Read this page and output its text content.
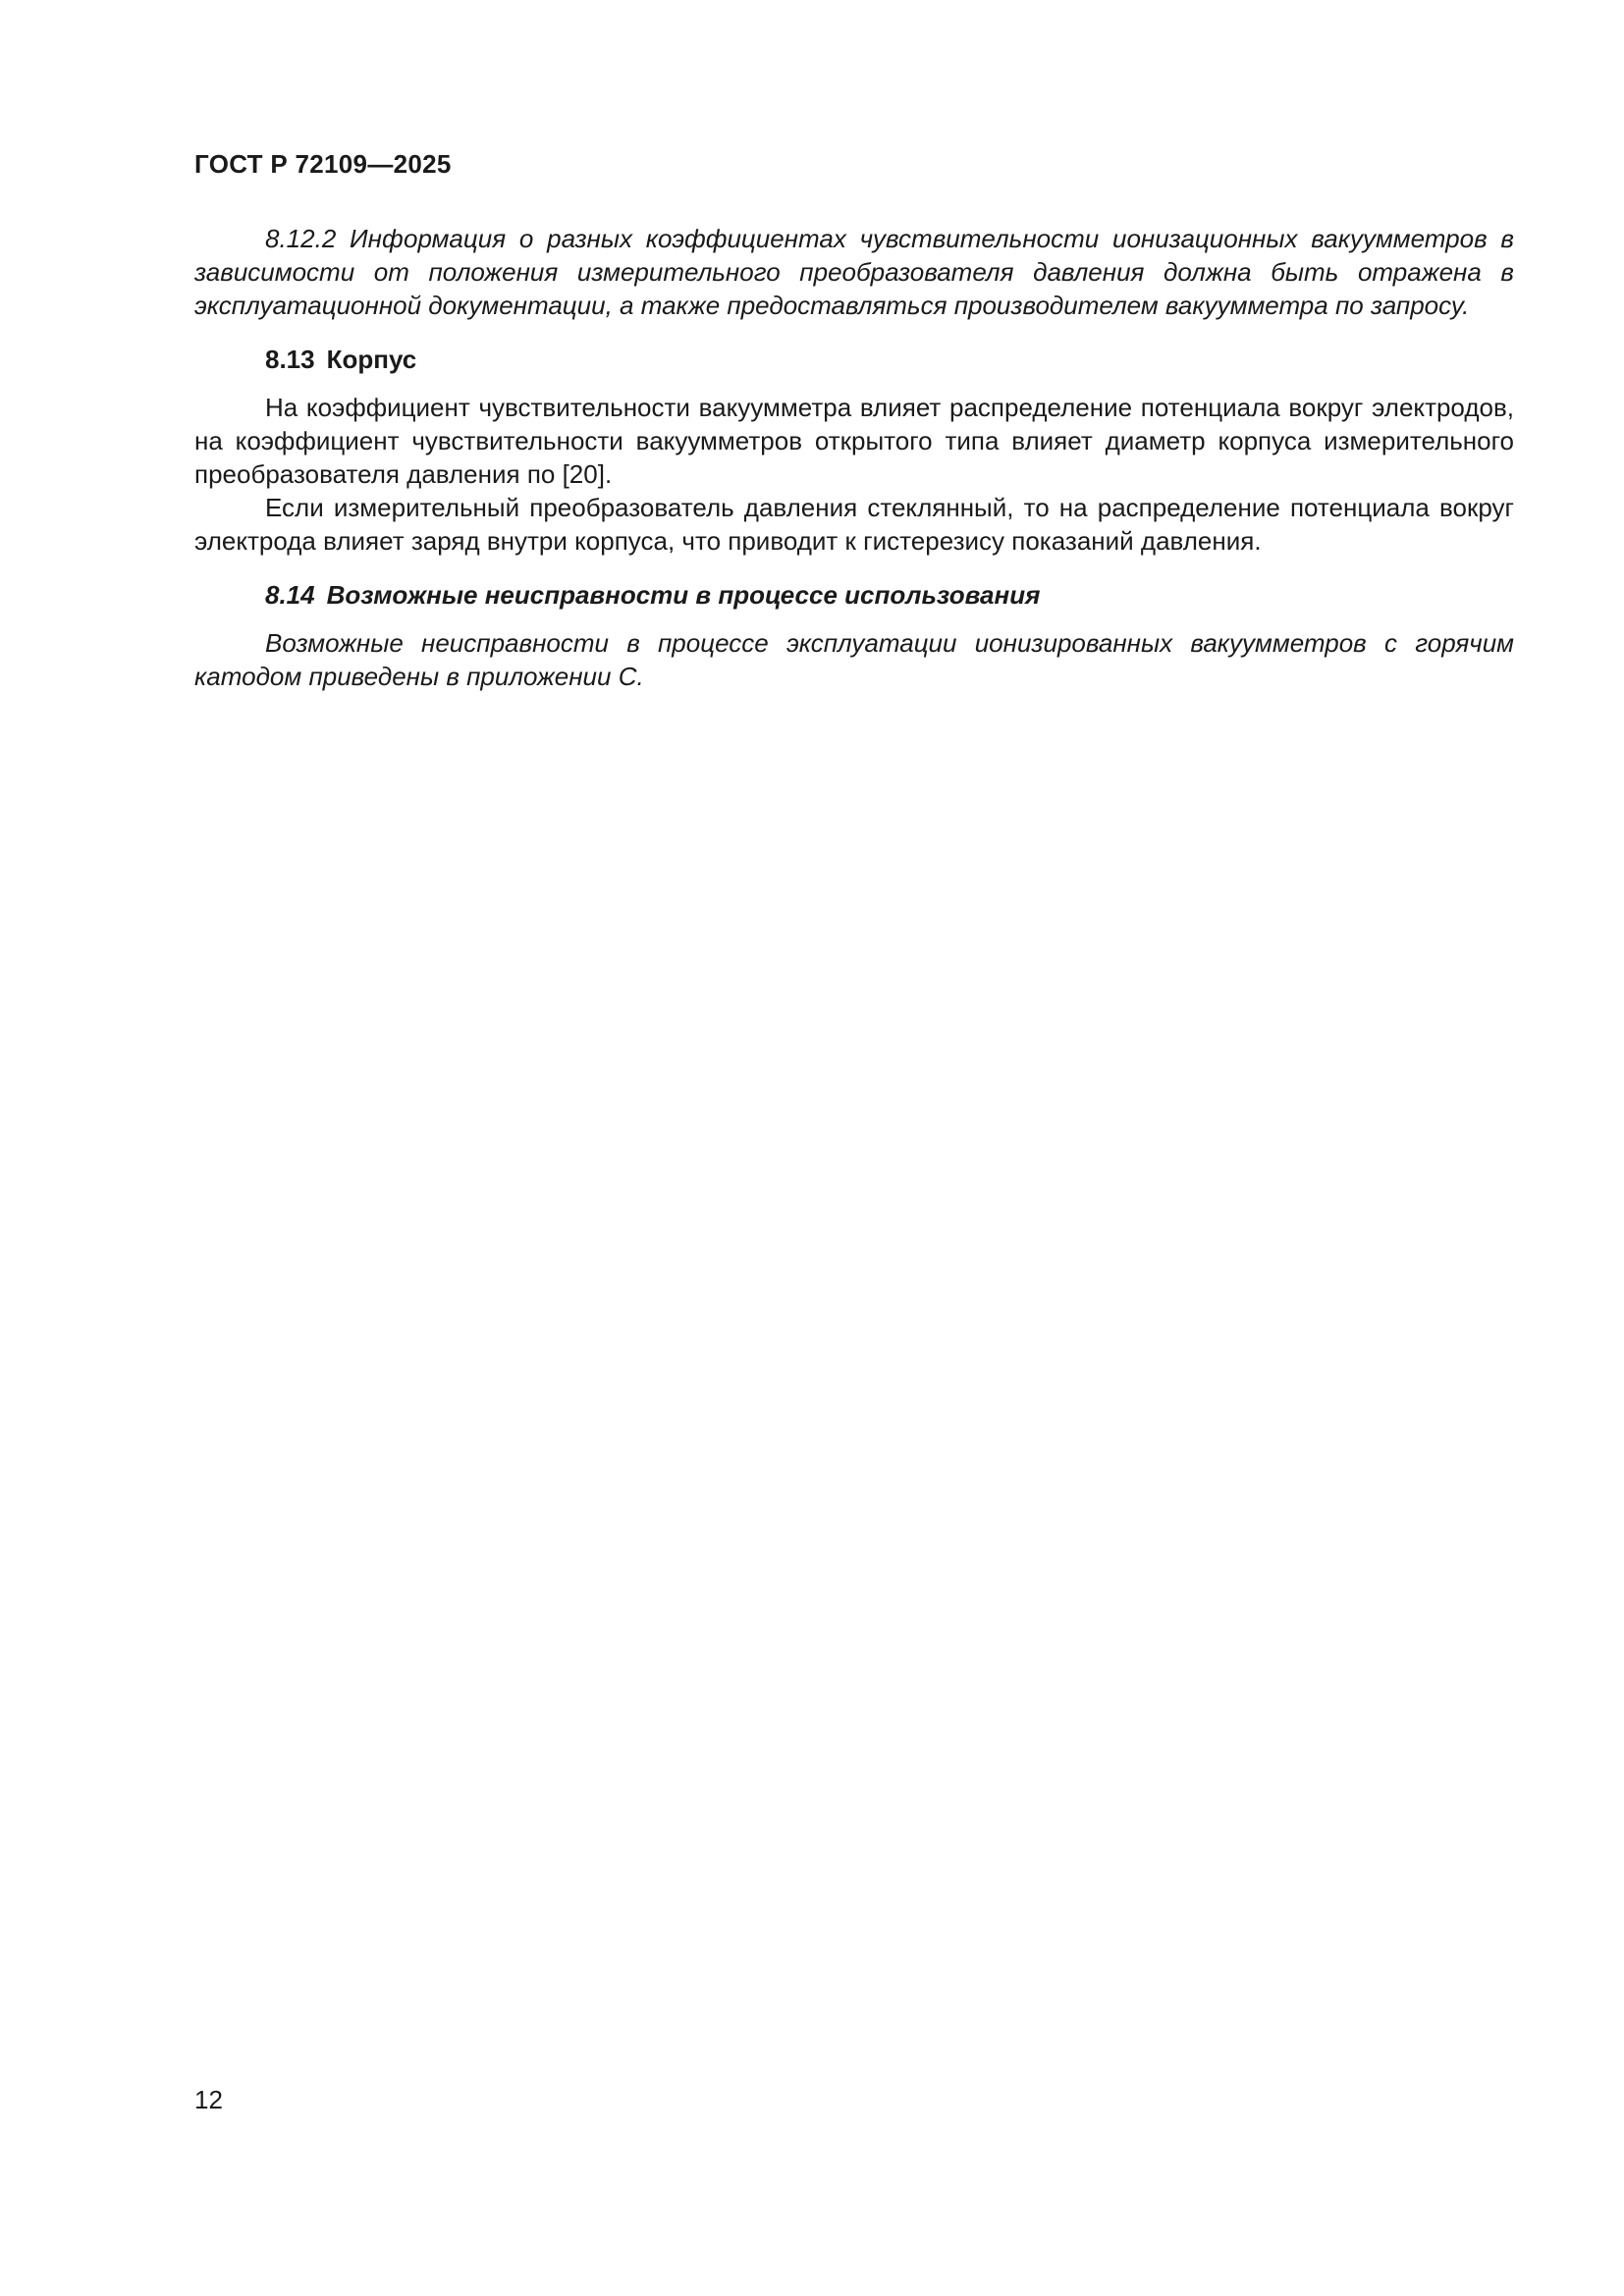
ГОСТ Р 72109—2025

8.12.2 Информация о разных коэффициентах чувствительности ионизационных вакуумметров в зависимости от положения измерительного преобразователя давления должна быть отражена в эксплуатационной документации, а также предоставляться производителем вакуумметра по запросу.

8.13 Корпус

На коэффициент чувствительности вакуумметра влияет распределение потенциала вокруг электродов, на коэффициент чувствительности вакуумметров открытого типа влияет диаметр корпуса измерительного преобразователя давления по [20].

Если измерительный преобразователь давления стеклянный, то на распределение потенциала вокруг электрода влияет заряд внутри корпуса, что приводит к гистерезису показаний давления.

8.14 Возможные неисправности в процессе использования

Возможные неисправности в процессе эксплуатации ионизированных вакуумметров с горячим катодом приведены в приложении С.

12
